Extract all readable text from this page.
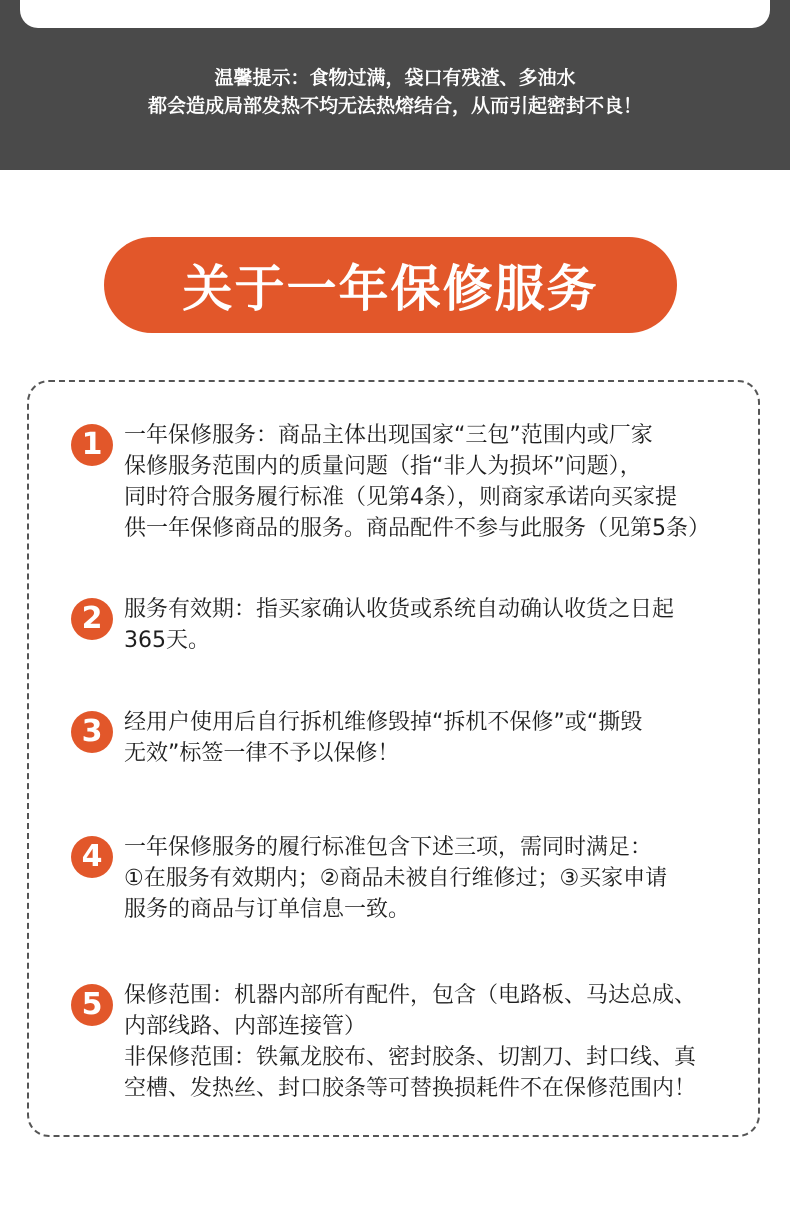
温馨提示：食物过满，袋口有残渣、多油水
都会造成局部发热不均无法热熔结合，从而引起密封不良！
关于一年保修服务
1 一年保修服务：商品主体出现国家“三包”范围内或厂家
保修服务范围内的质量问题（指“非人为损坏”问题），
同时符合服务履行标准（见第4条），则商家承诺向买家提
供一年保修商品的服务。商品配件不参与此服务（见第5条）
2 服务有效期：指买家确认收货或系统自动确认收货之日起
365天。
3 经用户使用后自行拆机维修毁掉“拆机不保修”或“撕毁
无效”标签一律不予以保修！
4 一年保修服务的履行标准包含下述三项，需同时满足：
①在服务有效期内；②商品未被自行维修过；③买家申请
服务的商品与订单信息一致。
5 保修范围：机器内部所有配件，包含（电路板、马达总成、
内部线路、内部连接管）
非保修范围：铁氟龙胶布、密封胶条、切割刀、封口线、真
空槽、发热丝、封口胶条等可替换损耗件不在保修范围内！
